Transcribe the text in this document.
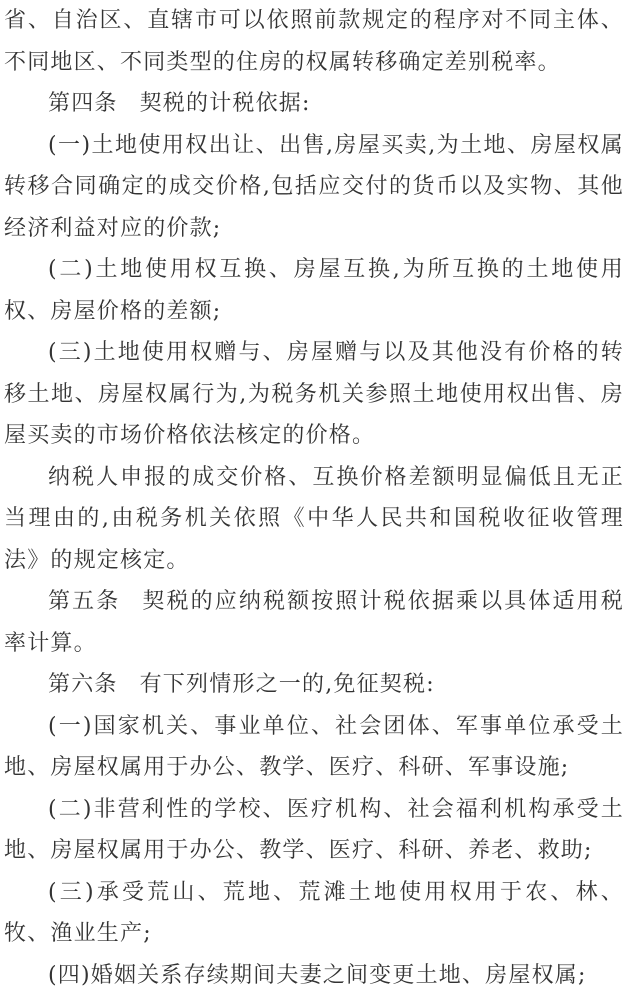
省、自治区、直辖市可以依照前款规定的程序对不同主体、不同地区、不同类型的住房的权属转移确定差别税率。

第四条 契税的计税依据:

(一)土地使用权出让、出售,房屋买卖,为土地、房屋权属转移合同确定的成交价格,包括应交付的货币以及实物、其他经济利益对应的价款;

(二)土地使用权互换、房屋互换,为所互换的土地使用权、房屋价格的差额;

(三)土地使用权赠与、房屋赠与以及其他没有价格的转移土地、房屋权属行为,为税务机关参照土地使用权出售、房屋买卖的市场价格依法核定的价格。

纳税人申报的成交价格、互换价格差额明显偏低且无正当理由的,由税务机关依照《中华人民共和国税收征收管理法》的规定核定。

第五条 契税的应纳税额按照计税依据乘以具体适用税率计算。

第六条 有下列情形之一的,免征契税:

(一)国家机关、事业单位、社会团体、军事单位承受土地、房屋权属用于办公、教学、医疗、科研、军事设施;

(二)非营利性的学校、医疗机构、社会福利机构承受土地、房屋权属用于办公、教学、医疗、科研、养老、救助;

(三)承受荒山、荒地、荒滩土地使用权用于农、林、牧、渔业生产;

(四)婚姻关系存续期间夫妻之间变更土地、房屋权属;
